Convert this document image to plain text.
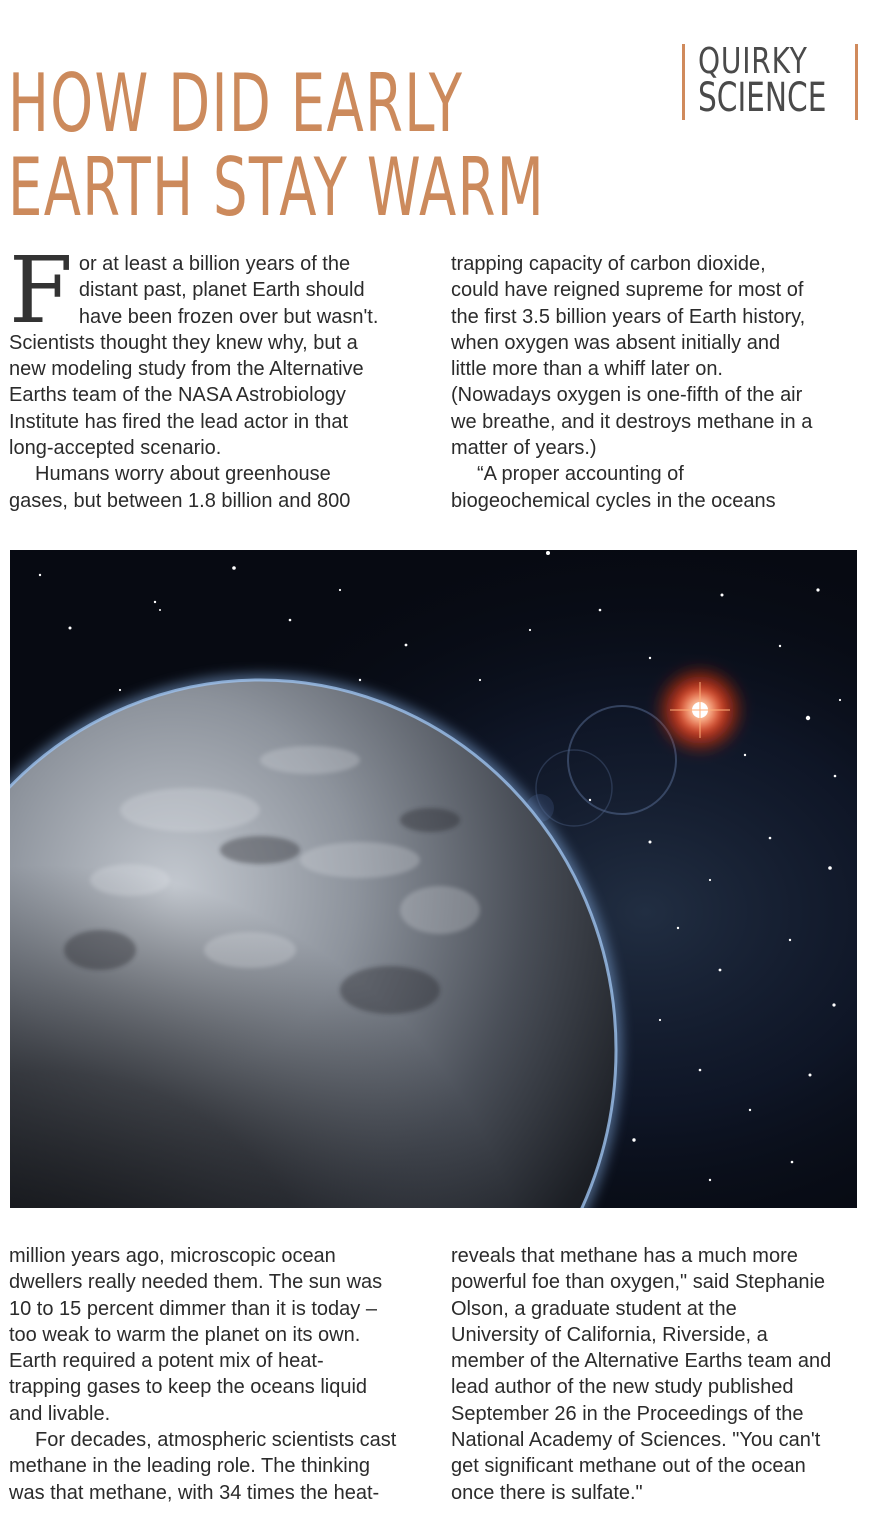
QUIRKY
SCIENCE
HOW DID EARLY
EARTH STAY WARM

F or at least a billion years of the
distant past, planet Earth should
have been frozen over but wasn't.
Scientists thought they knew why, but a
new modeling study from the Alternative
Earths team of the NASA Astrobiology
Institute has fired the lead actor in that
long-accepted scenario.

Humans worry about greenhouse
gases, but between 1.8 billion and 800

trapping capacity of carbon dioxide,
could have reigned supreme for most of
the first 3.5 billion years of Earth history,
when oxygen was absent initially and
little more than a whiff later on.
(Nowadays oxygen is one-fifth of the air
we breathe, and it destroys methane in a
matter of years.)

“A proper accounting of
biogeochemical cycles in the oceans

million years ago, microscopic ocean
dwellers really needed them. The sun was
10 to 15 percent dimmer than it is today –
too weak to warm the planet on its own.
Earth required a potent mix of heat-
trapping gases to keep the oceans liquid
and livable.

For decades, atmospheric scientists cast
methane in the leading role. The thinking
was that methane, with 34 times the heat-

reveals that methane has a much more
powerful foe than oxygen," said Stephanie
Olson, a graduate student at the
University of California, Riverside, a
member of the Alternative Earths team and
lead author of the new study published
September 26 in the Proceedings of the
National Academy of Sciences. "You can't
get significant methane out of the ocean
once there is sulfate."
